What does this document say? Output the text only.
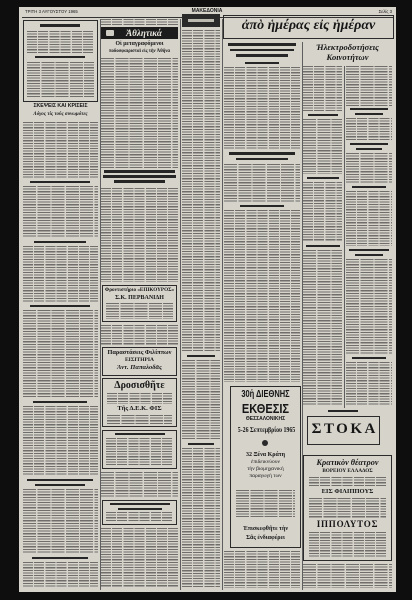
ΤΡΙΤΗ 3 ΑΥΓΟΥΣΤΟΥ 1965	ΜΑΚΕΔΟΝΙΑ	Σελίς 3
ΣΚΕΨΕΙΣ ΚΑΙ ΚΡΙΣΕΙΣ
Λόγος τίς τούς συνωμότες
Ἀθλητικά
Οἱ μεταγραφόμενοι
ποδοσφαιρισταὶ εἰς τὴν Ἀθήνα
Φροντιστήριο «ΕΠΙΚΟΥΡΟΣ»
Σ.Κ. ΠΕΡΒΑΝΙΔΗ
Παραστάσεις Φιλίππων
ΕΙΣΙΤΗΡΙΑ
Ἀντ. Παπαλοδᾶς
Δροσισθῆτε
Τῆς Δ.Ε.Κ. ΦΙΣ
ἀπὸ ἡμέρας εἰς ἡμέραν
30ἡ ΔΙΕΘΝΗΣ
ΕΚΘΕΣΙΣ
ΘΕΣΣΑΛΟΝΙΚΗΣ
5-26 Σεπτεμβρίου 1965
32 Ξένα Κράτη
ἐπιδεικνύουν
τὴν βιομηχανική
παραγωγή των
Ἐπισκεφθῆτε τὴν
Σᾶς ἐνδιαφέρει
Ἠλεκτροδοτήσεις
Κοινοτήτων
ΣΤΟΚΑ
Κρατικὸν θέατρον
ΒΟΡΕΙΟΥ ΕΛΛΑΔΟΣ
ΕΙΣ ΦΙΛΙΠΠΟΥΣ
ΙΠΠΟΛΥΤΟΣ
